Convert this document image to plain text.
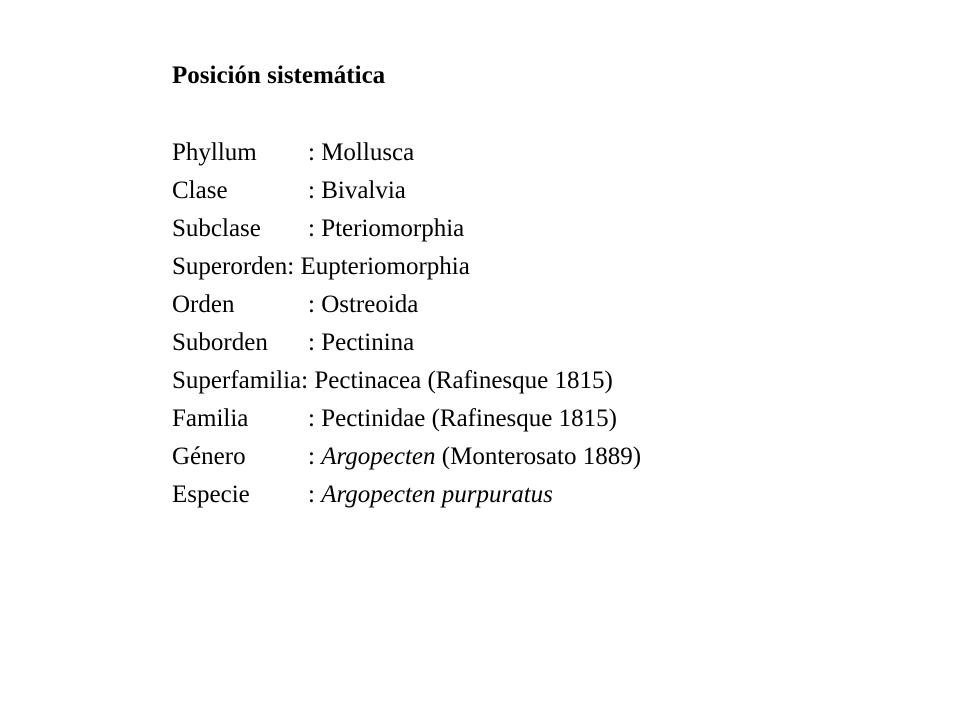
Posición sistemática
Phyllum : Mollusca
Clase	: Bivalvia
Subclase : Pteriomorphia
Superorden: Eupteriomorphia
Orden	: Ostreoida
Suborden : Pectinina
Superfamilia: Pectinacea (Rafinesque 1815)
Familia : Pectinidae (Rafinesque 1815)
Género : Argopecten (Monterosato 1889)
Especie : Argopecten purpuratus
